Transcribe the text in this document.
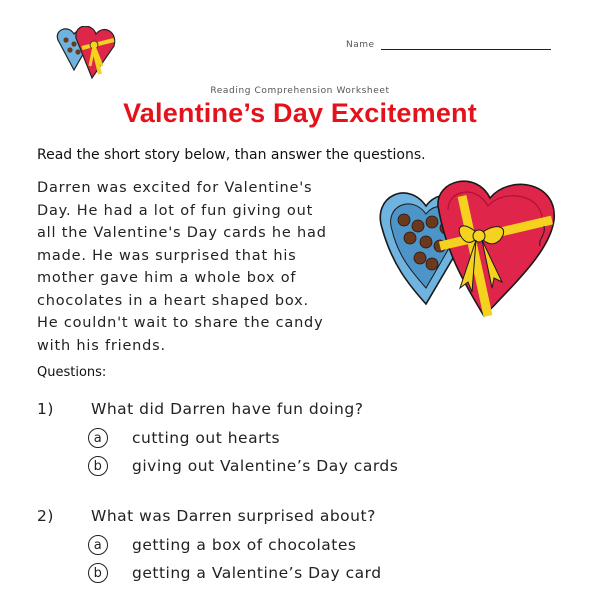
Name
Reading Comprehension Worksheet
Valentine’s Day Excitement
Read the short story below, than answer the questions.
Darren was excited for Valentine's
Day. He had a lot of fun giving out
all the Valentine's Day cards he had
made. He was surprised that his
mother gave him a whole box of
chocolates in a heart shaped box.
He couldn't wait to share the candy
with his friends.
Questions:
1) What did Darren have fun doing?
a	cutting out hearts
b	giving out Valentine’s Day cards
2) What was Darren surprised about?
a	getting a box of chocolates
b	getting a Valentine’s Day card
